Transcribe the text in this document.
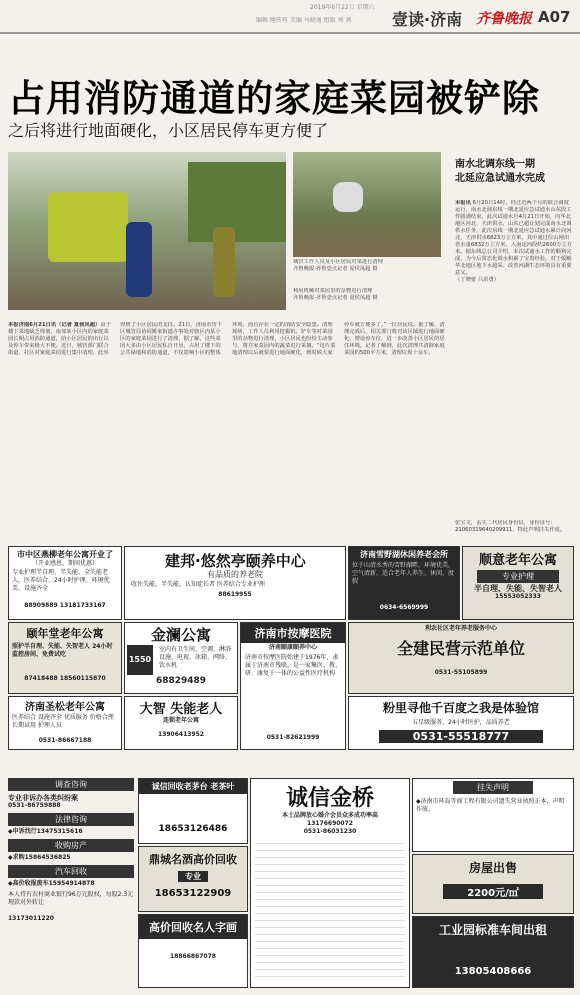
2019年6月22日 星期六
编辑 鲍传将 美编 马晓通 组版 刘 燕	壹读·济南 齐鲁晚报 A07
占用消防通道的家庭菜园被铲除
之后将进行地面硬化，小区居民停车更方便了
城管工作人员及小区居民对菜进行清理
齐鲁晚报·齐鲁壹点记者 夏侯凤超 摄
利用机械对菜园里的杂物进行清理
齐鲁晚报·齐鲁壹点记者 夏侯凤超 摄
本报济南6月21日讯（记者 夏侯凤超）由于楼下菜地缺乏规划，南郊某小区内的家庭菜园长期占用消防通道，给小区居民的出行以及停车带来极大不便。近日，城管部门联合街道、社区对家庭菜园进行集中清理，此举得到了小区居民的支持。21日，济南市历下区城管局协同姚家街道办事处对辖区内某小区的家庭菜园进行了清理，据了解，这些菜园大多由小区居民私自开垦，占用了楼下的公共绿地和消防通道，不仅影响小区的整体环境，而且存在一定的消防安全隐患。清理现场，工作人员利用挖掘机、铲车等对菜园里的杂物进行清理，小区居民也纷纷主动参与，将自家菜园内的蔬菜进行采摘。“这片菜地清理以后就要进行地面硬化，到时候大家停车就方便多了。”一位居民说。据了解，清理完成后，相关部门将对该区域进行地面硬化，增设停车位，进一步改善小区居民的居住环境。记者了解到，此次清理共清除家庭菜园约500平方米，清理垃圾十余车。
南水北调东线一期
北延应急试通水完成
本报讯 6月20日14时，经过近两个月的联合调度运行，南水北调东线一期北延应急试通水山东段工作圆满结束。此次试通水自4月21日开始，向华北地区河北、天津供水，山东已超计划完成南水北调供水任务，此次东线一期北延应急试通水累计向河北、天津供水6823万立方米，其中通过位山闸出省水量6832万立方米，入南运河段约2600万立方米。据东线总公司介绍，本次试通水工作的顺利完成，为今后常态化调水积累了宝贵经验，对于缓解华北地区地下水超采、改善河湖生态环境具有重要意义。
（丁晓蕾 吕洪勇）
张宝文，丢失二代居民身份证，身份证号：21060319640209911，特此声明挂失作废。
市中区燕柳老年公寓开业了
（开业感恩，期间优惠）
专业护理半自理、半失能、全失能老人，医养结合、24小时护理、环境优美、设施齐全
88909889 13181733167
建邦·悠然亭颐养中心
有品质的养老院
收住失能、半失能、认知症长者 医养结合专业护理
88619955
济南雪野湖休闲养老会所
位于山清水秀的雪野湖畔，环境优美，空气清新，适合老年人养生、休闲、度假
0634-6569999
顺意老年公寓
专业护理
半自理、失能、失智老人
15553052333
颐年堂老年公寓
照护半自理、失能、失智老人 24小时监控房间、免费试吃
87418488 18560115870
金澜公寓
1550元
室内有卫生间、空调、淋浴设施、电视、冰箱、网络、饮水机
68829489
济南市按摩医院
济南颐康颐养中心
济南市按摩医院始建于1976年，隶属于济南市残联，是一家集医、教、研、康复于一体的公益性医疗机构
0531-82621999
利农社区老年养老服务中心
全建民营示范单位
0531-55105899
济南圣松老年公寓
医养结合 设施齐全 优质服务 价格合理 长期试用 护理人员
0531-86667188
大智 失能老人
连锁老年公寓
13906413952
粉里寻他千百度之我是体验馆
五星级服务，24小时医护，品质养老
0531-55518777
调查咨询
专业非诉办各类纠纷案
0531-86759888
法律咨询
◆申诉找行13475315616
收购房产
◆求购15864536825
汽车回收
◆高价收报废车15954914878
本人持有农村商业银行96万元股权，每股2.3元现款对外转让
13173011220
诚信回收老茅台 老茶叶
18653126486
鼎城名酒高价回收
专业
18653122909
高价回收名人字画
18866867078
诚信金桥
本土品牌放心婚介会员众多成功率高
13176690072
0531-86031230
挂失声明
◆济南市环岛等商工程有限公司遗失营业执照正本，声明作废。
房屋出售
2200元/㎡
工业园标准车间出租
13805408666
